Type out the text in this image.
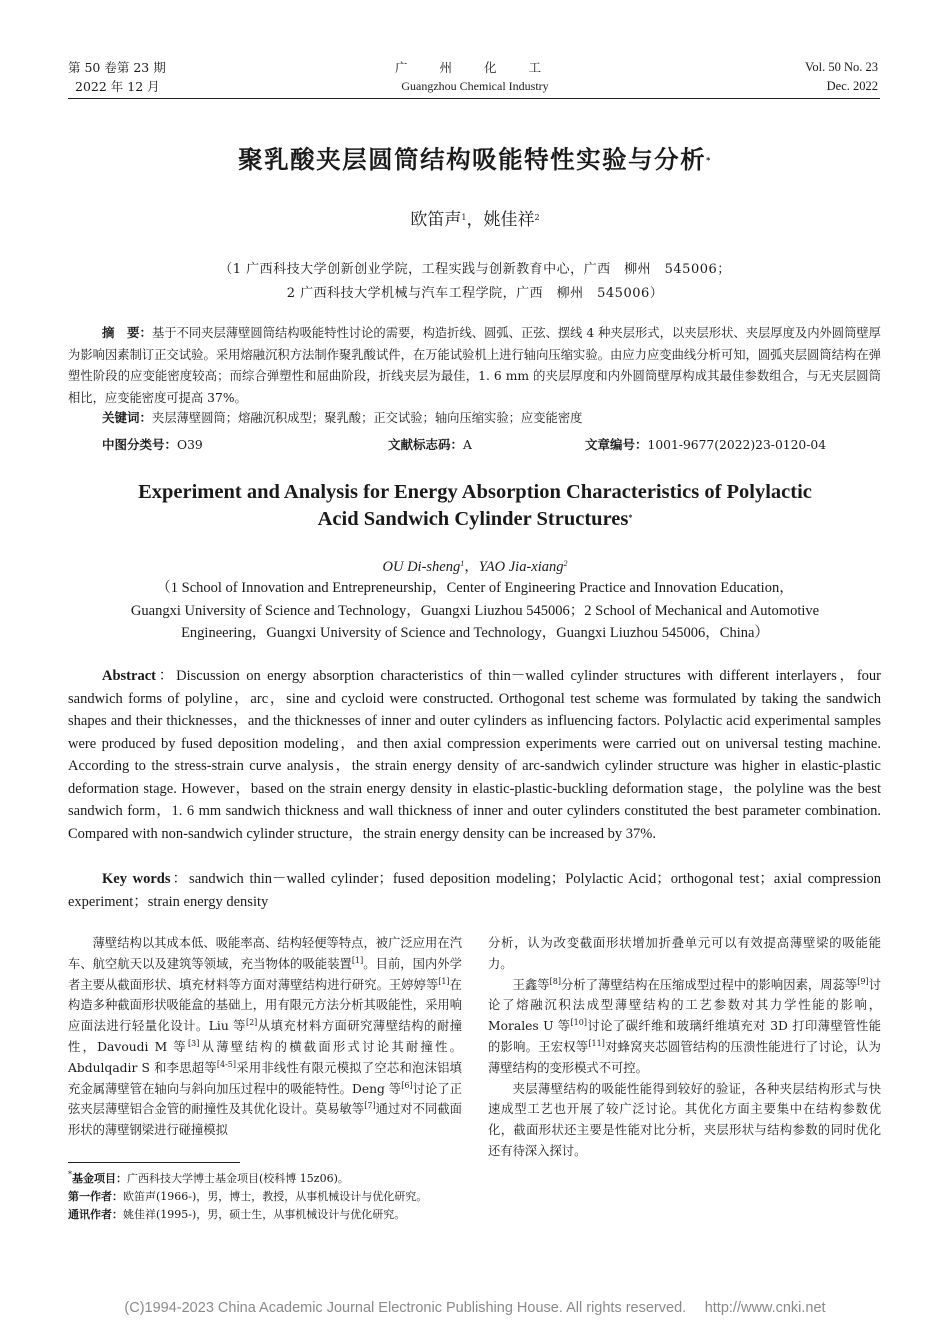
第 50 卷第 23 期
2022 年 12 月
广 州 化 工
Guangzhou Chemical Industry
Vol. 50 No. 23
Dec. 2022
聚乳酸夹层圆筒结构吸能特性实验与分析*
欧笛声$^1$，姚佳祥$^2$
（1 广西科技大学创新创业学院，工程实践与创新教育中心，广西　柳州　545006；
2 广西科技大学机械与汽车工程学院，广西　柳州　545006）
摘　要：基于不同夹层薄壁圆筒结构吸能特性讨论的需要，构造折线、圆弧、正弦、摆线 4 种夹层形式，以夹层形状、夹层厚度及内外圆筒壁厚为影响因素制订正交试验。采用熔融沉积方法制作聚乳酸试件，在万能试验机上进行轴向压缩实验。由应力应变曲线分析可知，圆弧夹层圆筒结构在弹塑性阶段的应变能密度较高；而综合弹塑性和屈曲阶段，折线夹层为最佳，1. 6 mm 的夹层厚度和内外圆筒壁厚构成其最佳参数组合，与无夹层圆筒相比，应变能密度可提高 37%。
关键词：夹层薄壁圆筒；熔融沉积成型；聚乳酸；正交试验；轴向压缩实验；应变能密度
中图分类号：O39	文献标志码：A	文章编号：1001-9677(2022)23-0120-04
Experiment and Analysis for Energy Absorption Characteristics of Polylactic
Acid Sandwich Cylinder Structures*
OU Di-sheng$^1$，YAO Jia-xiang$^2$
（1 School of Innovation and Entrepreneurship，Center of Engineering Practice and Innovation Education，
Guangxi University of Science and Technology，Guangxi Liuzhou 545006；2 School of Mechanical and Automotive
Engineering，Guangxi University of Science and Technology，Guangxi Liuzhou 545006，China）
Abstract：Discussion on energy absorption characteristics of thin－walled cylinder structures with different interlayers，four sandwich forms of polyline，arc，sine and cycloid were constructed. Orthogonal test scheme was formulated by taking the sandwich shapes and their thicknesses，and the thicknesses of inner and outer cylinders as influencing factors. Polylactic acid experimental samples were produced by fused deposition modeling，and then axial compression experiments were carried out on universal testing machine. According to the stress-strain curve analysis，the strain energy density of arc-sandwich cylinder structure was higher in elastic-plastic deformation stage. However，based on the strain energy density in elastic-plastic-buckling deformation stage，the polyline was the best sandwich form，1. 6 mm sandwich thickness and wall thickness of inner and outer cylinders constituted the best parameter combination. Compared with non-sandwich cylinder structure，the strain energy density can be increased by 37%.
Key words：sandwich thin－walled cylinder；fused deposition modeling；Polylactic Acid；orthogonal test；axial compression experiment；strain energy density

薄壁结构以其成本低、吸能率高、结构轻便等特点，被广泛应用在汽车、航空航天以及建筑等领域，充当物体的吸能装置[1]。目前，国内外学者主要从截面形状、填充材料等方面对薄壁结构进行研究。王婷婷等[1]在构造多种截面形状吸能盒的基础上，用有限元方法分析其吸能性，采用响应面法进行轻量化设计。Liu 等[2]从填充材料方面研究薄壁结构的耐撞性，Davoudi M 等[3]从薄壁结构的横截面形式讨论其耐撞性。Abdulqadir S 和李思超等[4-5]采用非线性有限元模拟了空芯和泡沫铝填充金属薄壁管在轴向与斜向加压过程中的吸能特性。Deng 等[6]讨论了正弦夹层薄壁铝合金管的耐撞性及其优化设计。莫易敏等[7]通过对不同截面形状的薄壁钢梁进行碰撞模拟

分析，认为改变截面形状增加折叠单元可以有效提高薄壁梁的吸能能力。

王鑫等[8]分析了薄壁结构在压缩成型过程中的影响因素，周蕊等[9]讨论了熔融沉积法成型薄壁结构的工艺参数对其力学性能的影响，Morales U 等[10]讨论了碳纤维和玻璃纤维填充对 3D 打印薄壁管性能的影响。王宏权等[11]对蜂窝夹芯圆管结构的压溃性能进行了讨论，认为薄壁结构的变形模式不可控。

夹层薄壁结构的吸能性能得到较好的验证，各种夹层结构形式与快速成型工艺也开展了较广泛讨论。其优化方面主要集中在结构参数优化，截面形状还主要是性能对比分析，夹层形状与结构参数的同时优化还有待深入探讨。

*基金项目：广西科技大学博士基金项目(校科博 15z06)。
第一作者：欧笛声(1966-)，男，博士，教授，从事机械设计与优化研究。
通讯作者：姚佳祥(1995-)，男，硕士生，从事机械设计与优化研究。
(C)1994-2023 China Academic Journal Electronic Publishing House. All rights reserved.　 http://www.cnki.net
